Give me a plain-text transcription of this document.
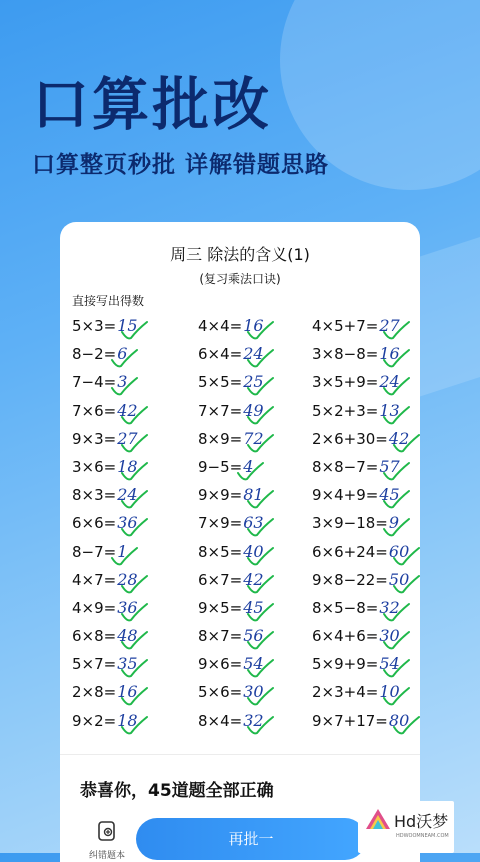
口算批改
口算整页秒批 详解错题思路
周三 除法的含义(1)
(复习乘法口诀)
直接写出得数
5×3=15	4×4=16	4×5+7=27
8−2=6	6×4=24	3×8−8=16
7−4=3	5×5=25	3×5+9=24
7×6=42	7×7=49	5×2+3=13
9×3=27	8×9=72	2×6+30=42
3×6=18	9−5=4	8×8−7=57
8×3=24	9×9=81	9×4+9=45
6×6=36	7×9=63	3×9−18=9
8−7=1	8×5=40	6×6+24=60
4×7=28	6×7=42	9×8−22=50
4×9=36	9×5=45	8×5−8=32
6×8=48	8×7=56	6×4+6=30
5×7=35	9×6=54	5×9+9=54
2×8=16	5×6=30	2×3+4=10
9×2=18	8×4=32	9×7+17=80
恭喜你，45道题全部正确
纠错题本
再批一
Hd沃梦
HDWOOMNEAM.COM
